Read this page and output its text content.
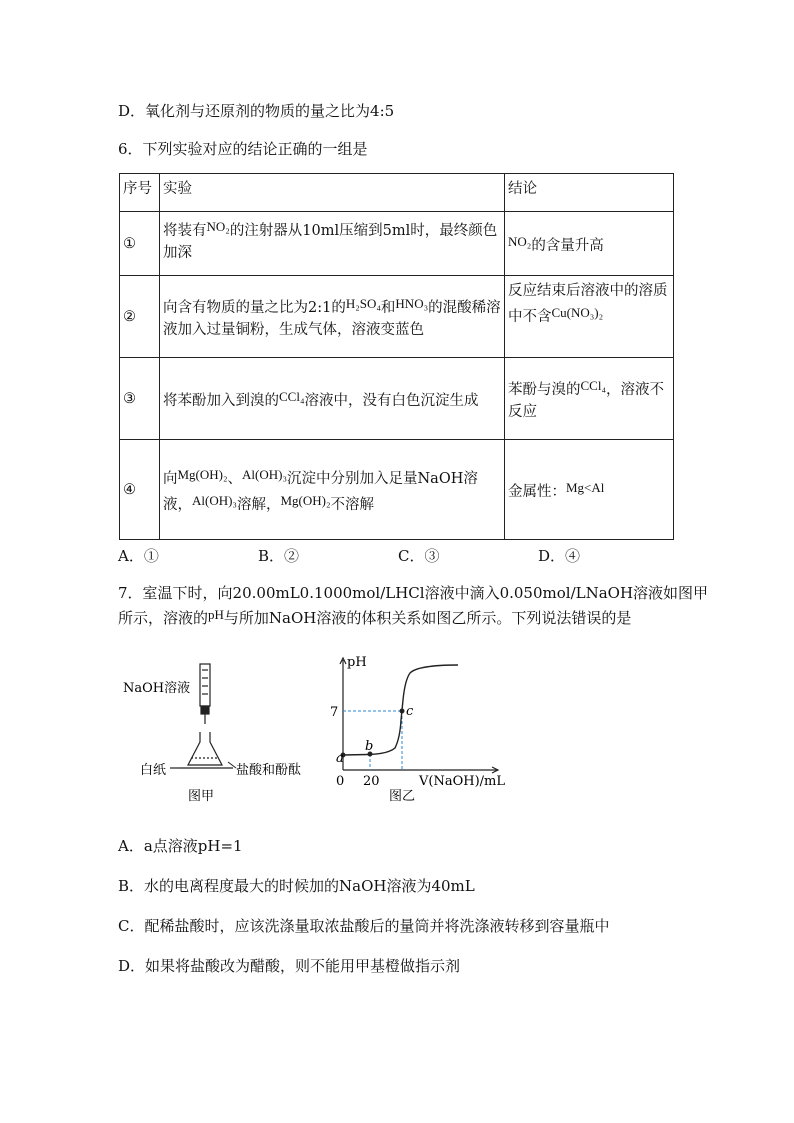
D．氧化剂与还原剂的物质的量之比为4:5
6．下列实验对应的结论正确的一组是
序号	实验	结论
①	将装有NO₂的注射器从10ml压缩到5ml时，最终颜色加深	NO₂的含量升高
②	向含有物质的量之比为2:1的H₂SO₄和HNO₃的混酸稀溶液加入过量铜粉，生成气体，溶液变蓝色	反应结束后溶液中的溶质中不含Cu(NO₃)₂
③	将苯酚加入到溴的CCl₄溶液中，没有白色沉淀生成	苯酚与溴的CCl₄，溶液不反应
④	向Mg(OH)₂、Al(OH)₃沉淀中分别加入足量NaOH溶液，Al(OH)₃溶解，Mg(OH)₂不溶解	金属性：Mg<Al
A．①	B．②	C．③	D．④
7．室温下时，向20.00mL0.1000mol/LHCl溶液中滴入0.050mol/LNaOH溶液如图甲
所示，溶液的pH与所加NaOH溶液的体积关系如图乙所示。下列说法错误的是
NaOH溶液
白纸	盐酸和酚酞
图甲
pH
7
a
b
c
0 20	V(NaOH)/mL
图乙
A．a点溶液pH=1
B．水的电离程度最大的时候加的NaOH溶液为40mL
C．配稀盐酸时，应该洗涤量取浓盐酸后的量筒并将洗涤液转移到容量瓶中
D．如果将盐酸改为醋酸，则不能用甲基橙做指示剂
